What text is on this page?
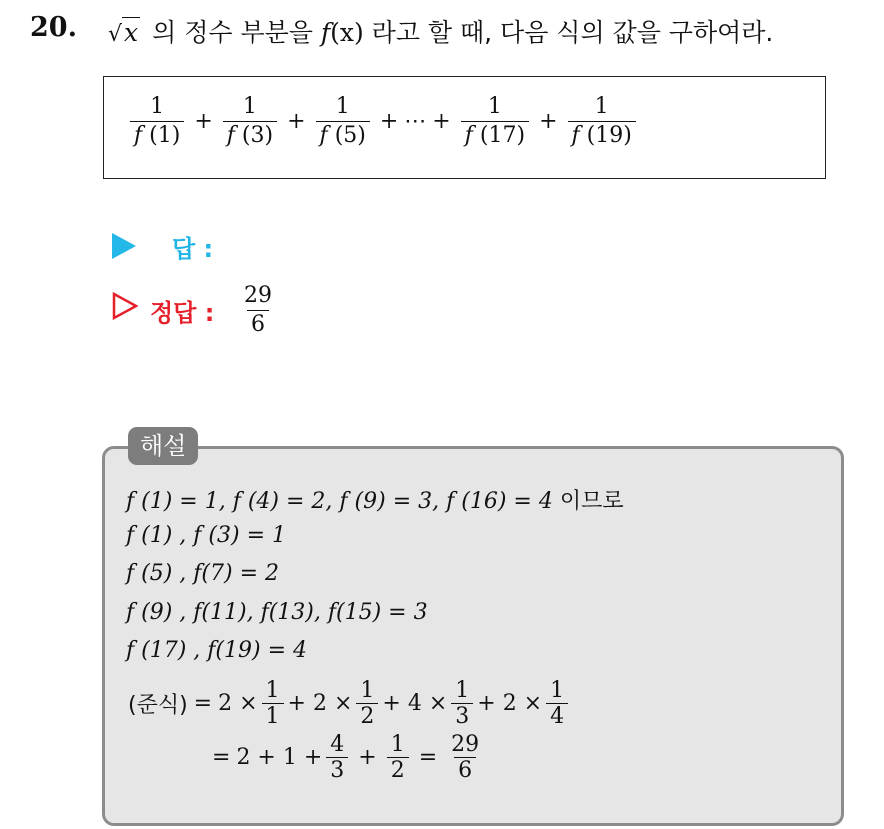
20. √x 의 정수 부분을 f(x) 라고 할 때, 다음 식의 값을 구하여라.
$\frac{1}{f (1)} + \frac{1}{f (3)} + \frac{1}{f (5)}$ + ⋯ + $\frac{1}{f (17)} + \frac{1}{f (19)}$
답 :
정답 : $\frac{29}{6}$
해설
f (1) = 1, f (4) = 2, f (9) = 3, f (16) = 4 이므로
f (1) , f (3) = 1
f (5) , f(7) = 2
f (9) , f(11), f(13), f(15) = 3
f (17) , f(19) = 4
(준식) = $2 \times \frac{1}{1} + 2 \times \frac{1}{2} + 4 \times \frac{1}{3} + 2 \times \frac{1}{4}$
= $2 + 1 + \frac{4}{3} + \frac{1}{2} = \frac{29}{6}$
